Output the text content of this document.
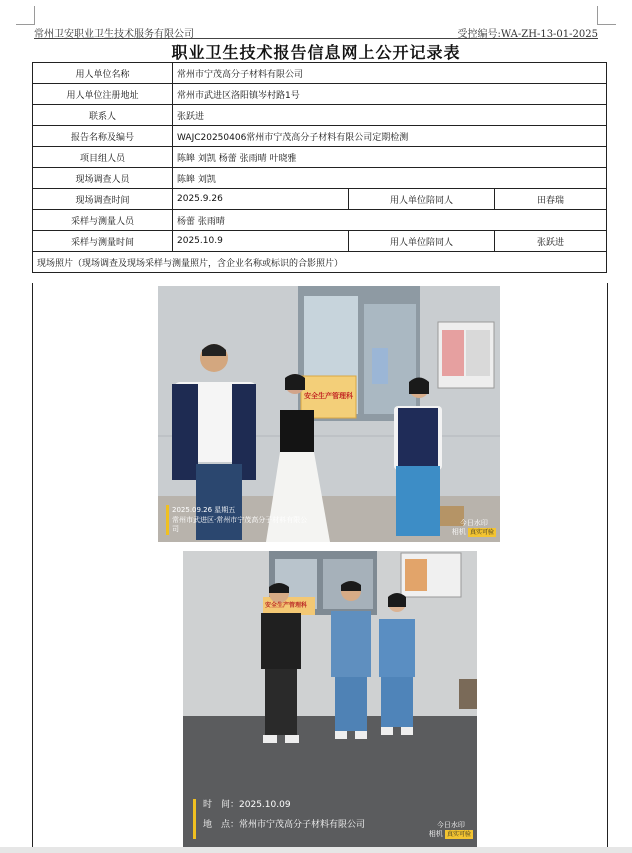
常州卫安职业卫生技术服务有限公司	受控编号:WA-ZH-13-01-2025
职业卫生技术报告信息网上公开记录表
用人单位名称	常州市宁茂高分子材料有限公司		
用人单位注册地址	常州市武进区洛阳镇岑村路1号		
联系人	张跃进		
报告名称及编号	WAJC20250406常州市宁茂高分子材料有限公司定期检测		
项目组人员	陈皞 刘凯 杨蕾 张雨晴 叶晓雅		
现场调查人员	陈皞 刘凯		
现场调查时间	2025.9.26	用人单位陪同人	田春瑞
采样与测量人员	杨蕾 张雨晴		
采样与测量时间	2025.10.9	用人单位陪同人	张跃进
现场照片（现场调查及现场采样与测量照片，含企业名称或标识的合影照片）			
2025.09.26 星期五
常州市武进区·常州市宁茂高分子材料有限公司
安全生产管理科
今日水印
相机 真实可验
时　间：2025.10.09
地　点：常州市宁茂高分子材料有限公司
安全生产管理科
今日水印
相机 真实可验
